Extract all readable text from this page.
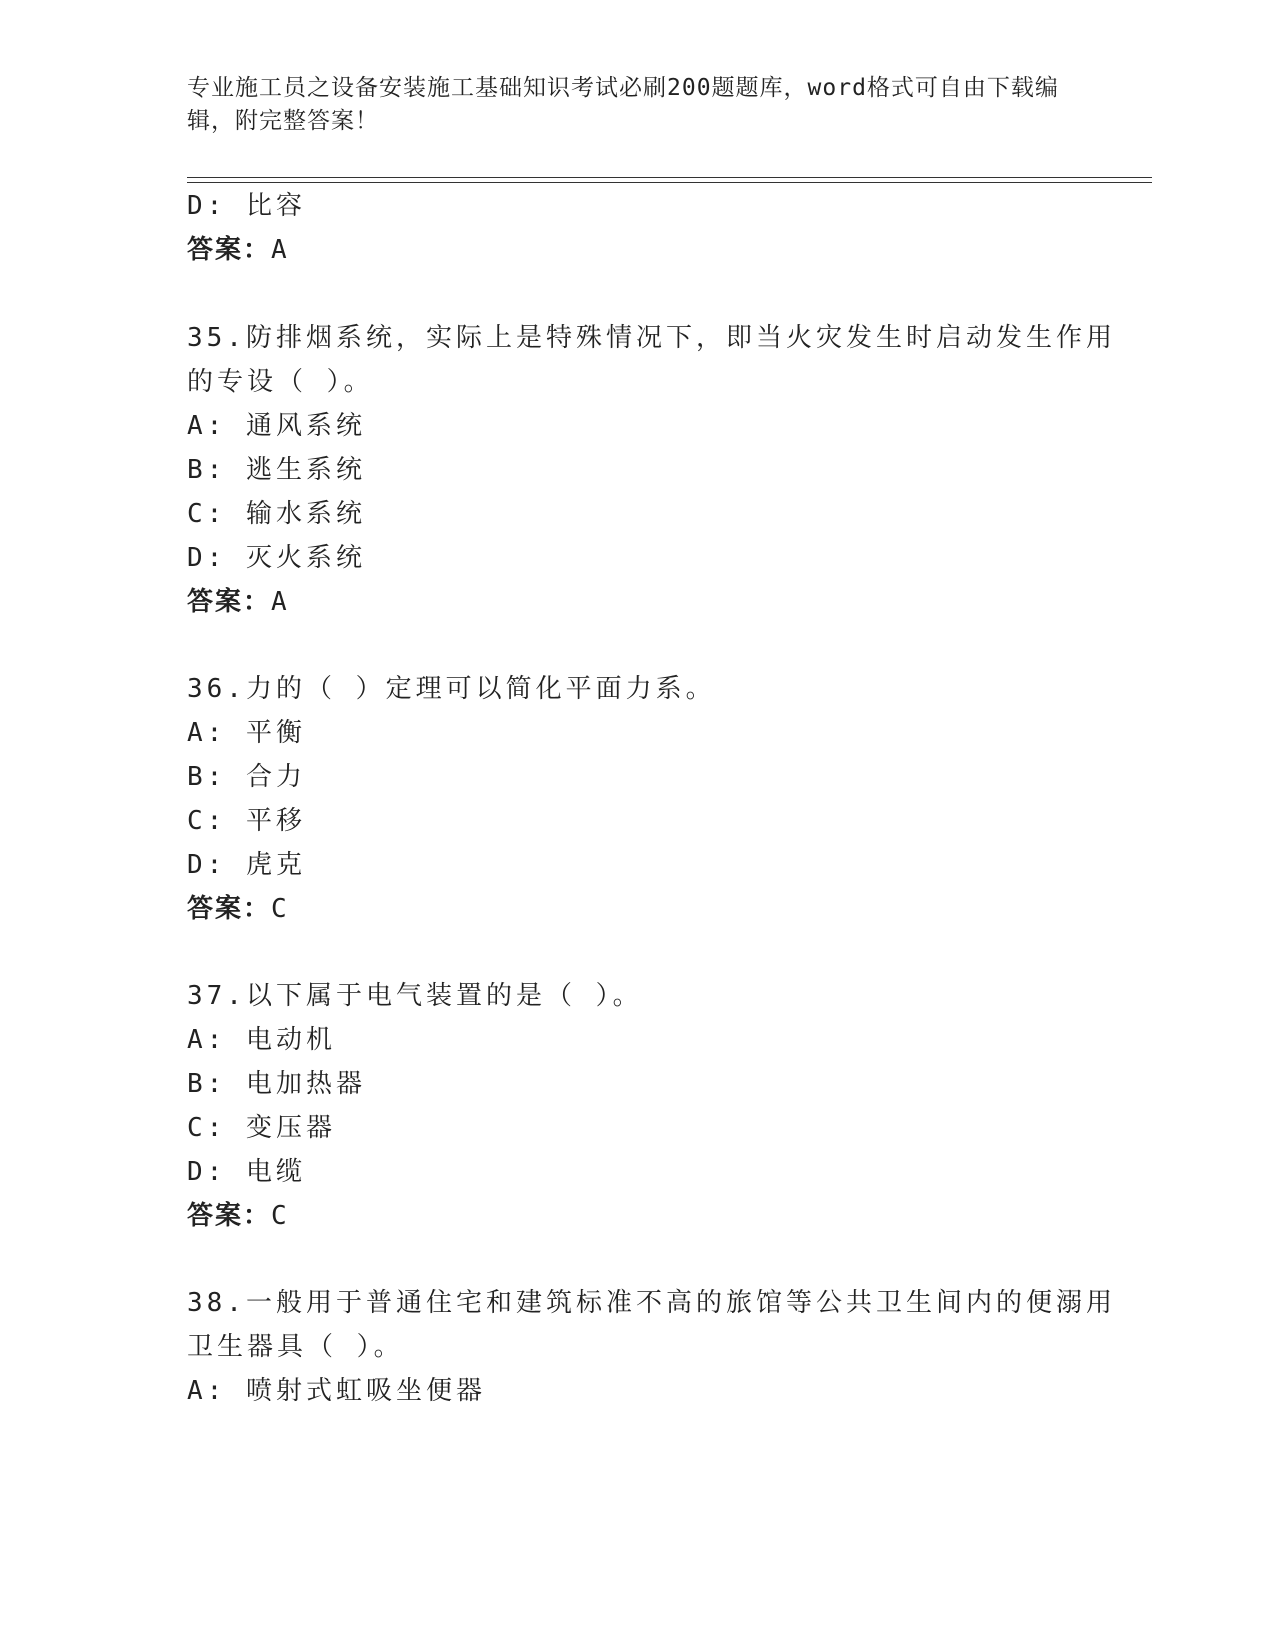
专业施工员之设备安装施工基础知识考试必刷200题题库，word格式可自由下载编辑，附完整答案！
D: 比容
答案：A
35.防排烟系统，实际上是特殊情况下，即当火灾发生时启动发生作用
的专设（ ）。
A: 通风系统
B: 逃生系统
C: 输水系统
D: 灭火系统
答案：A
36.力的（ ）定理可以简化平面力系。
A: 平衡
B: 合力
C: 平移
D: 虎克
答案：C
37.以下属于电气装置的是（ ）。
A: 电动机
B: 电加热器
C: 变压器
D: 电缆
答案：C
38.一般用于普通住宅和建筑标准不高的旅馆等公共卫生间内的便溺用
卫生器具（ ）。
A: 喷射式虹吸坐便器
